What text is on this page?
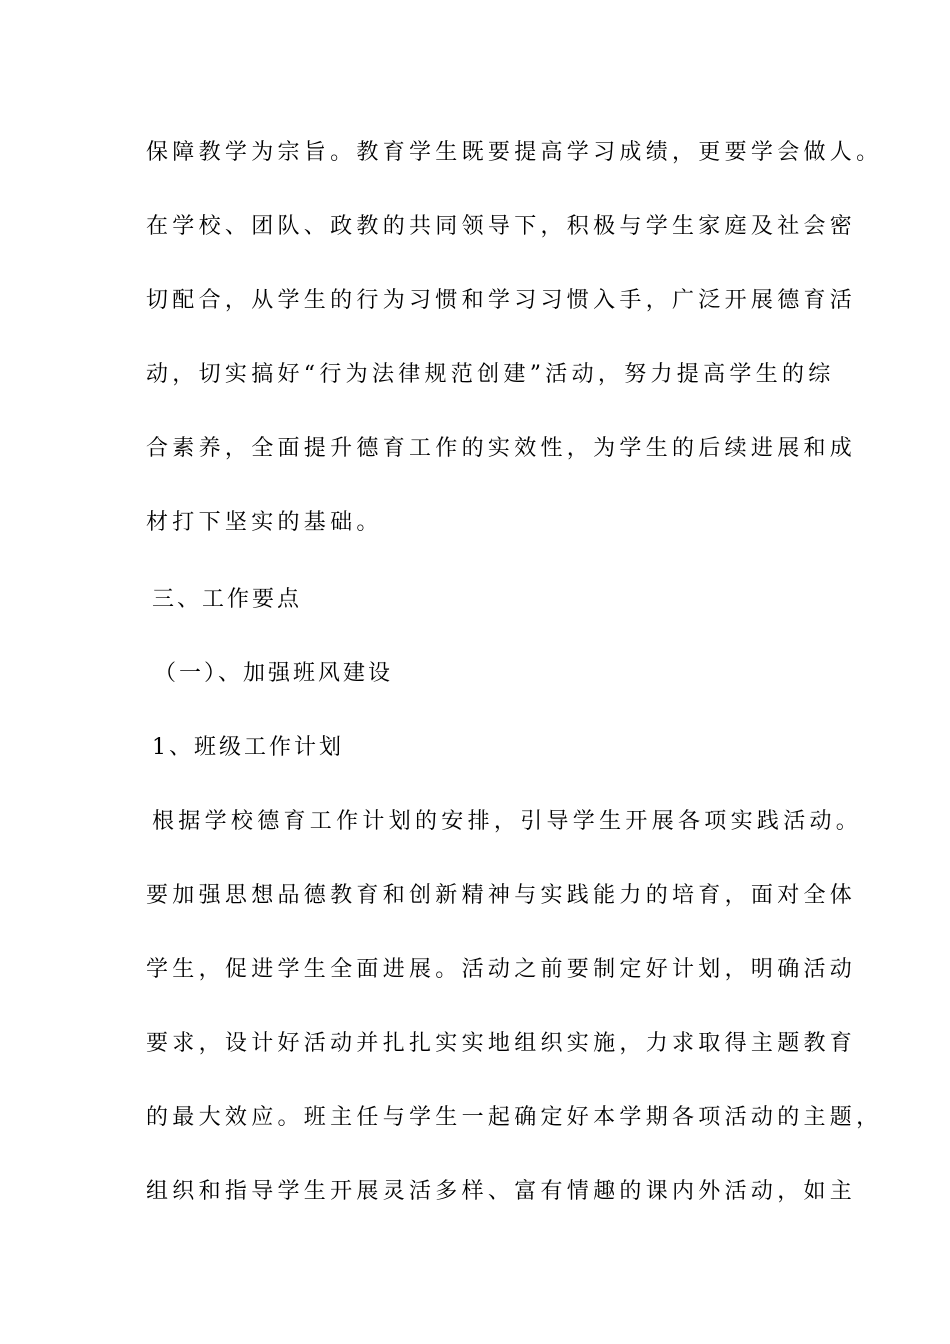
保障教学为宗旨。教育学生既要提高学习成绩，更要学会做人。
在学校、团队、政教的共同领导下，积极与学生家庭及社会密
切配合，从学生的行为习惯和学习习惯入手，广泛开展德育活
动，切实搞好“行为法律规范创建”活动，努力提高学生的综
合素养，全面提升德育工作的实效性，为学生的后续进展和成
材打下坚实的基础。
三、工作要点
（一）、加强班风建设
1、班级工作计划
根据学校德育工作计划的安排，引导学生开展各项实践活动。
要加强思想品德教育和创新精神与实践能力的培育，面对全体
学生，促进学生全面进展。活动之前要制定好计划，明确活动
要求，设计好活动并扎扎实实地组织实施，力求取得主题教育
的最大效应。班主任与学生一起确定好本学期各项活动的主题，
组织和指导学生开展灵活多样、富有情趣的课内外活动，如主
